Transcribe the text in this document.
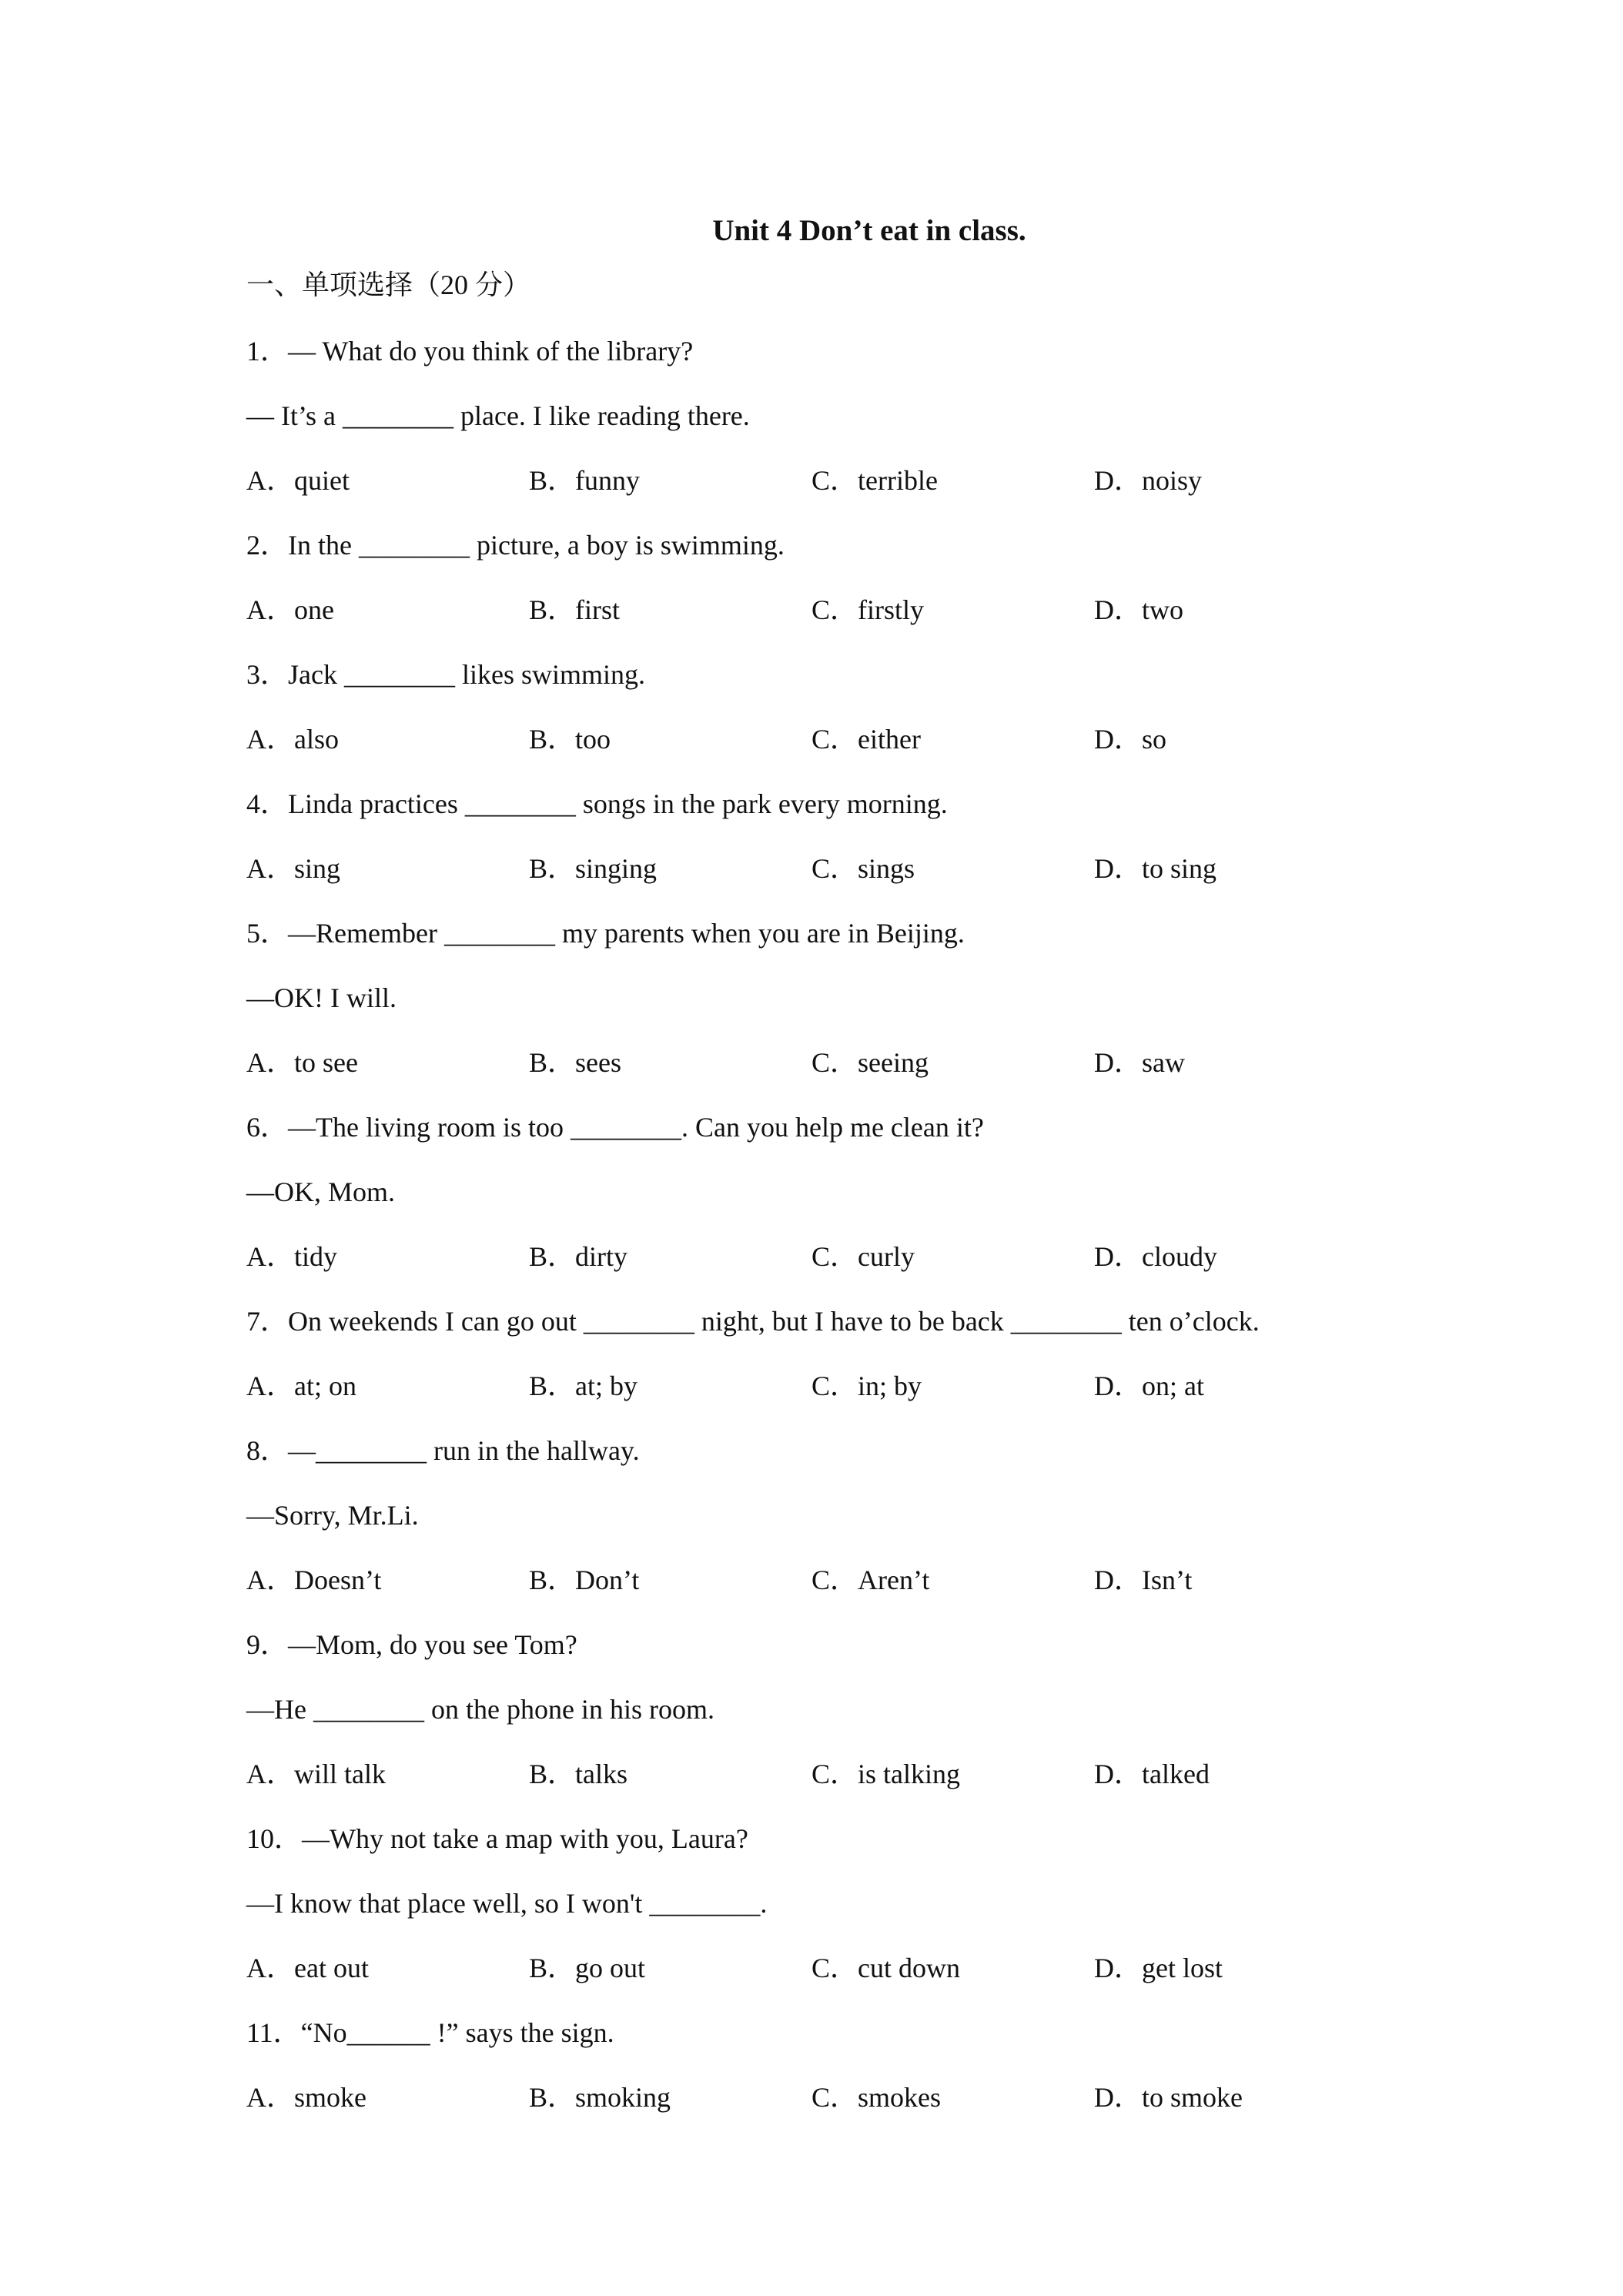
Unit 4 Don’t eat in class.
一、单项选择（20 分）
1．— What do you think of the library?
— It’s a ________ place. I like reading there.
A．quiet	B．funny	C．terrible	D．noisy
2．In the ________ picture, a boy is swimming.
A．one	B．first	C．firstly	D．two
3．Jack ________ likes swimming.
A．also	B．too	C．either	D．so
4．Linda practices ________ songs in the park every morning.
A．sing	B．singing	C．sings	D．to sing
5．—Remember ________ my parents when you are in Beijing.
—OK! I will.
A．to see	B．sees	C．seeing	D．saw
6．—The living room is too ________. Can you help me clean it?
—OK, Mom.
A．tidy	B．dirty	C．curly	D．cloudy
7．On weekends I can go out ________ night, but I have to be back ________ ten o’clock.
A．at; on	B．at; by	C．in; by	D．on; at
8．—________ run in the hallway.
—Sorry, Mr.Li.
A．Doesn’t	B．Don’t	C．Aren’t	D．Isn’t
9．—Mom, do you see Tom?
—He ________ on the phone in his room.
A．will talk	B．talks	C．is talking	D．talked
10．—Why not take a map with you, Laura?
—I know that place well, so I won't ________.
A．eat out	B．go out	C．cut down	D．get lost
11．“No______ !” says the sign.
A．smoke	B．smoking	C．smokes	D．to smoke
